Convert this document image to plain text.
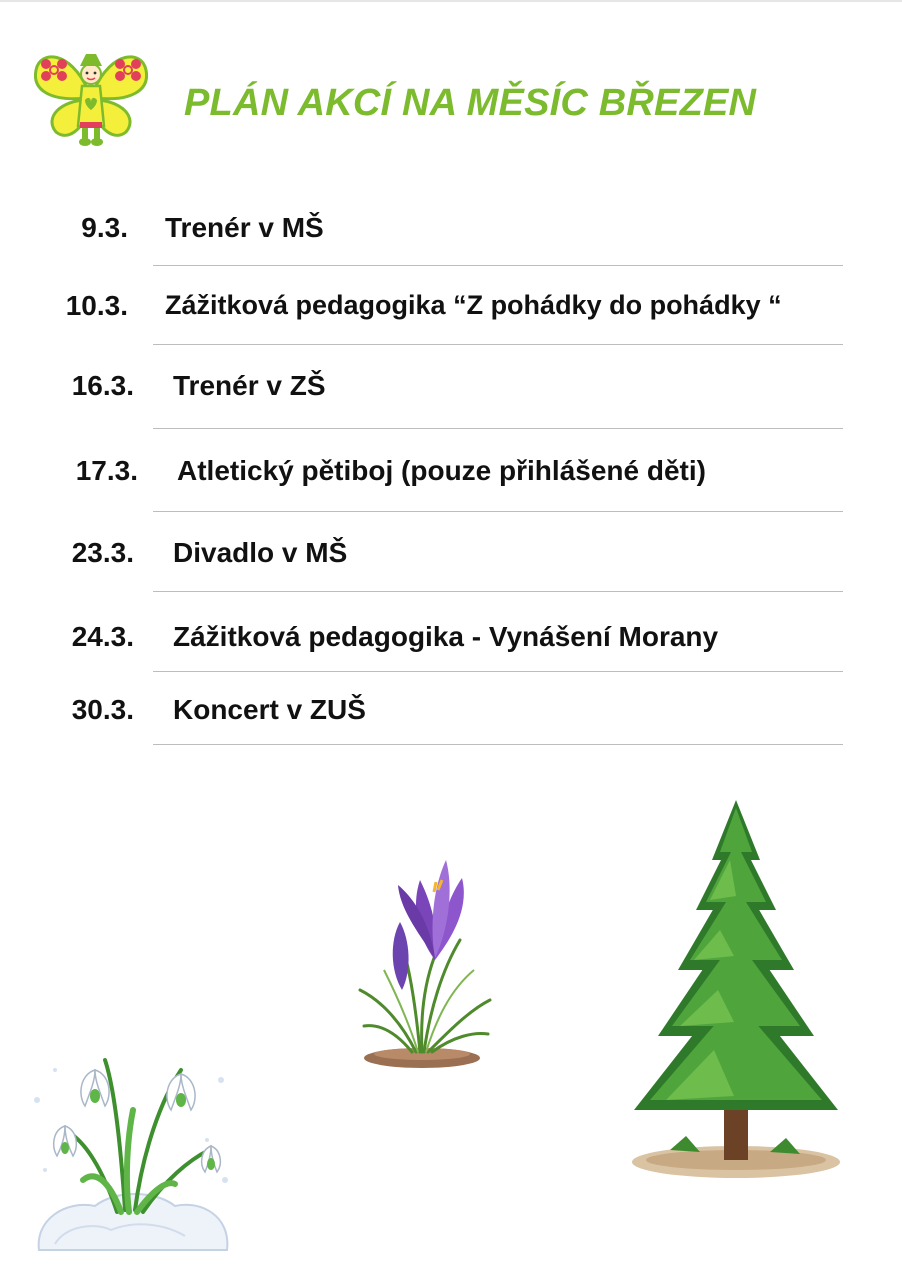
PLÁN AKCÍ NA MĚSÍC BŘEZEN
9.3. Trenér v MŠ
10.3. Zážitková pedagogika “Z pohádky do pohádky “
16.3. Trenér v ZŠ
17.3. Atletický pětiboj (pouze přihlášené děti)
23.3. Divadlo v MŠ
24.3. Zážitková pedagogika - Vynášení Morany
30.3. Koncert v ZUŠ
